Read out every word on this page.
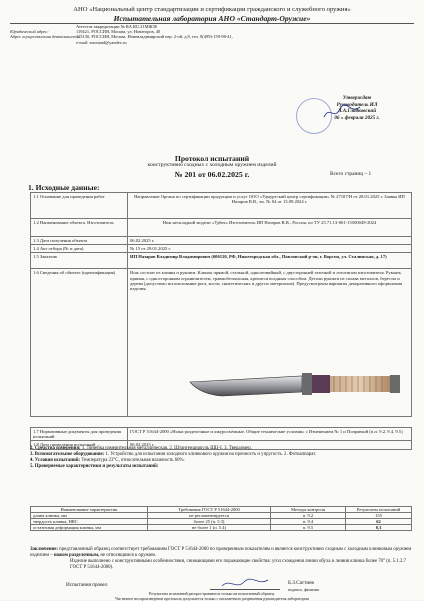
АНО «Национальный центр стандартизации и сертификации гражданского и служебного оружия»
Испытательная лаборатория АНО «Стандарт-Оружие»
Аттестат аккредитации № RA.RU.21МЖ38
Юридический адрес:	119421, РОССИЯ, Москва, ул. Новаторов, 40
Адрес осуществления деятельности:125130, РОССИЯ, Москва, Нововладимирский пер. 2-ой, д.8, тел. 8(499)-159-98-41,
e-mail: anostand@yandex.ru
Утверждаю
Руководитель ИЛ
Л.А.Гладковский
06 » февраля 2025 г.
Протокол испытаний
конструктивно сходных с холодным оружием изделий
№ 201 от 06.02.2025 г.	Всего страниц – 1
1. Исходные данные:
1.1 Основание для проведения работ	Направление Органа по сертификации продукции и услуг ООО «Удмуртский центр сертификации» № 27187/Н от 28.01.2025 г. Заявка ИП Назаров В.В., вх. № 04 от 13.09.2024 г.
1.2 Наименование объекта. Изготовитель	Нож нескладной модели «Удбек» Изготовитель ИП Назаров В.В., Россия, по ТУ 25.71.13-001-15500049-2024
1.3 Дата получения объекта	06.02.2025 г.
1.4 Акт отбора (№ и дата)	№ 15 от 29.01.2025 г.
1.5 Заказчик	ИП Назаров Владимир Владимирович (606120, РФ, Нижегородская обл., Павловский р-он, г. Ворсма, ул. Сталинская, д. 17)
1.6 Сведения об объекте (идентификация)	Нож состоит из клинка и рукояти. Клинок прямой, стальной, однолезвийный, с двусторонней заточкой и логотипом изготовителя. Рукоять прямая, с односторонним ограничителем, травмобезопасная, крепится вcадным способом. Детали рукояти из сплава металлов, бересты и дерева (допустимо использование рога, кости, синтетических и других материалов). Предусмотрены варианты декоративного оформления изделия.
1.7 Нормативные документы для проведения испытаний	ГОСТ Р 51644-2000 «Ножи разделочные и шкуросъёмные. Общие технические условия» с Изменением № 1 и Поправкой (п.п. 9.2, 9.4, 9.5)
1.8 Дата проведения испытаний	06.02.2025 г.
2. Средства измерения: 1. Линейка измерительная металлическая. 2. Штангенциркуль ШЦ-I. 3. Твердомер.
3. Вспомогательное оборудование: 1. Устройство для испытания холодного клинкового оружия на прочность и упругость. 2. Фотоаппарат.
4. Условия испытаний: Температура 23°С, относительная влажность 60%.
5. Проверяемые характеристики и результаты испытаний:
Наименование характеристик	Требования ГОСТ Р 51644-2000	Методы контроля	Результаты испытаний
длина клинка, мм	не регламентируется	п. 9.2	155
твердость клинка, HRC	более 25 (п. 5.3)	п. 9.4	62
остаточная деформация клинка, мм	не более 1 (п. 5.4)	п. 9.5	0,3
Заключение: представленный образец соответствует требованиям ГОСТ Р 51644-2000 по проверенным показателям и является конструктивно сходным с холодным клинковым оружием изделием – ножом разделочным, не относящимся к оружию.
Изделие выполнено с конструктивными особенностями, снижающими его поражающие свойства: угол схождения линии обуха и лезвия клинка более 70° (п. 5.1.2.7 ГОСТ Р 51644-2000).
Испытания провел	Б.З.Саттиев
подпись, фамилия
Результаты испытаний распространяются только на испытанный образец.
Частичное воспроизведение протокола допускается только с письменного разрешения руководителя лаборатории
